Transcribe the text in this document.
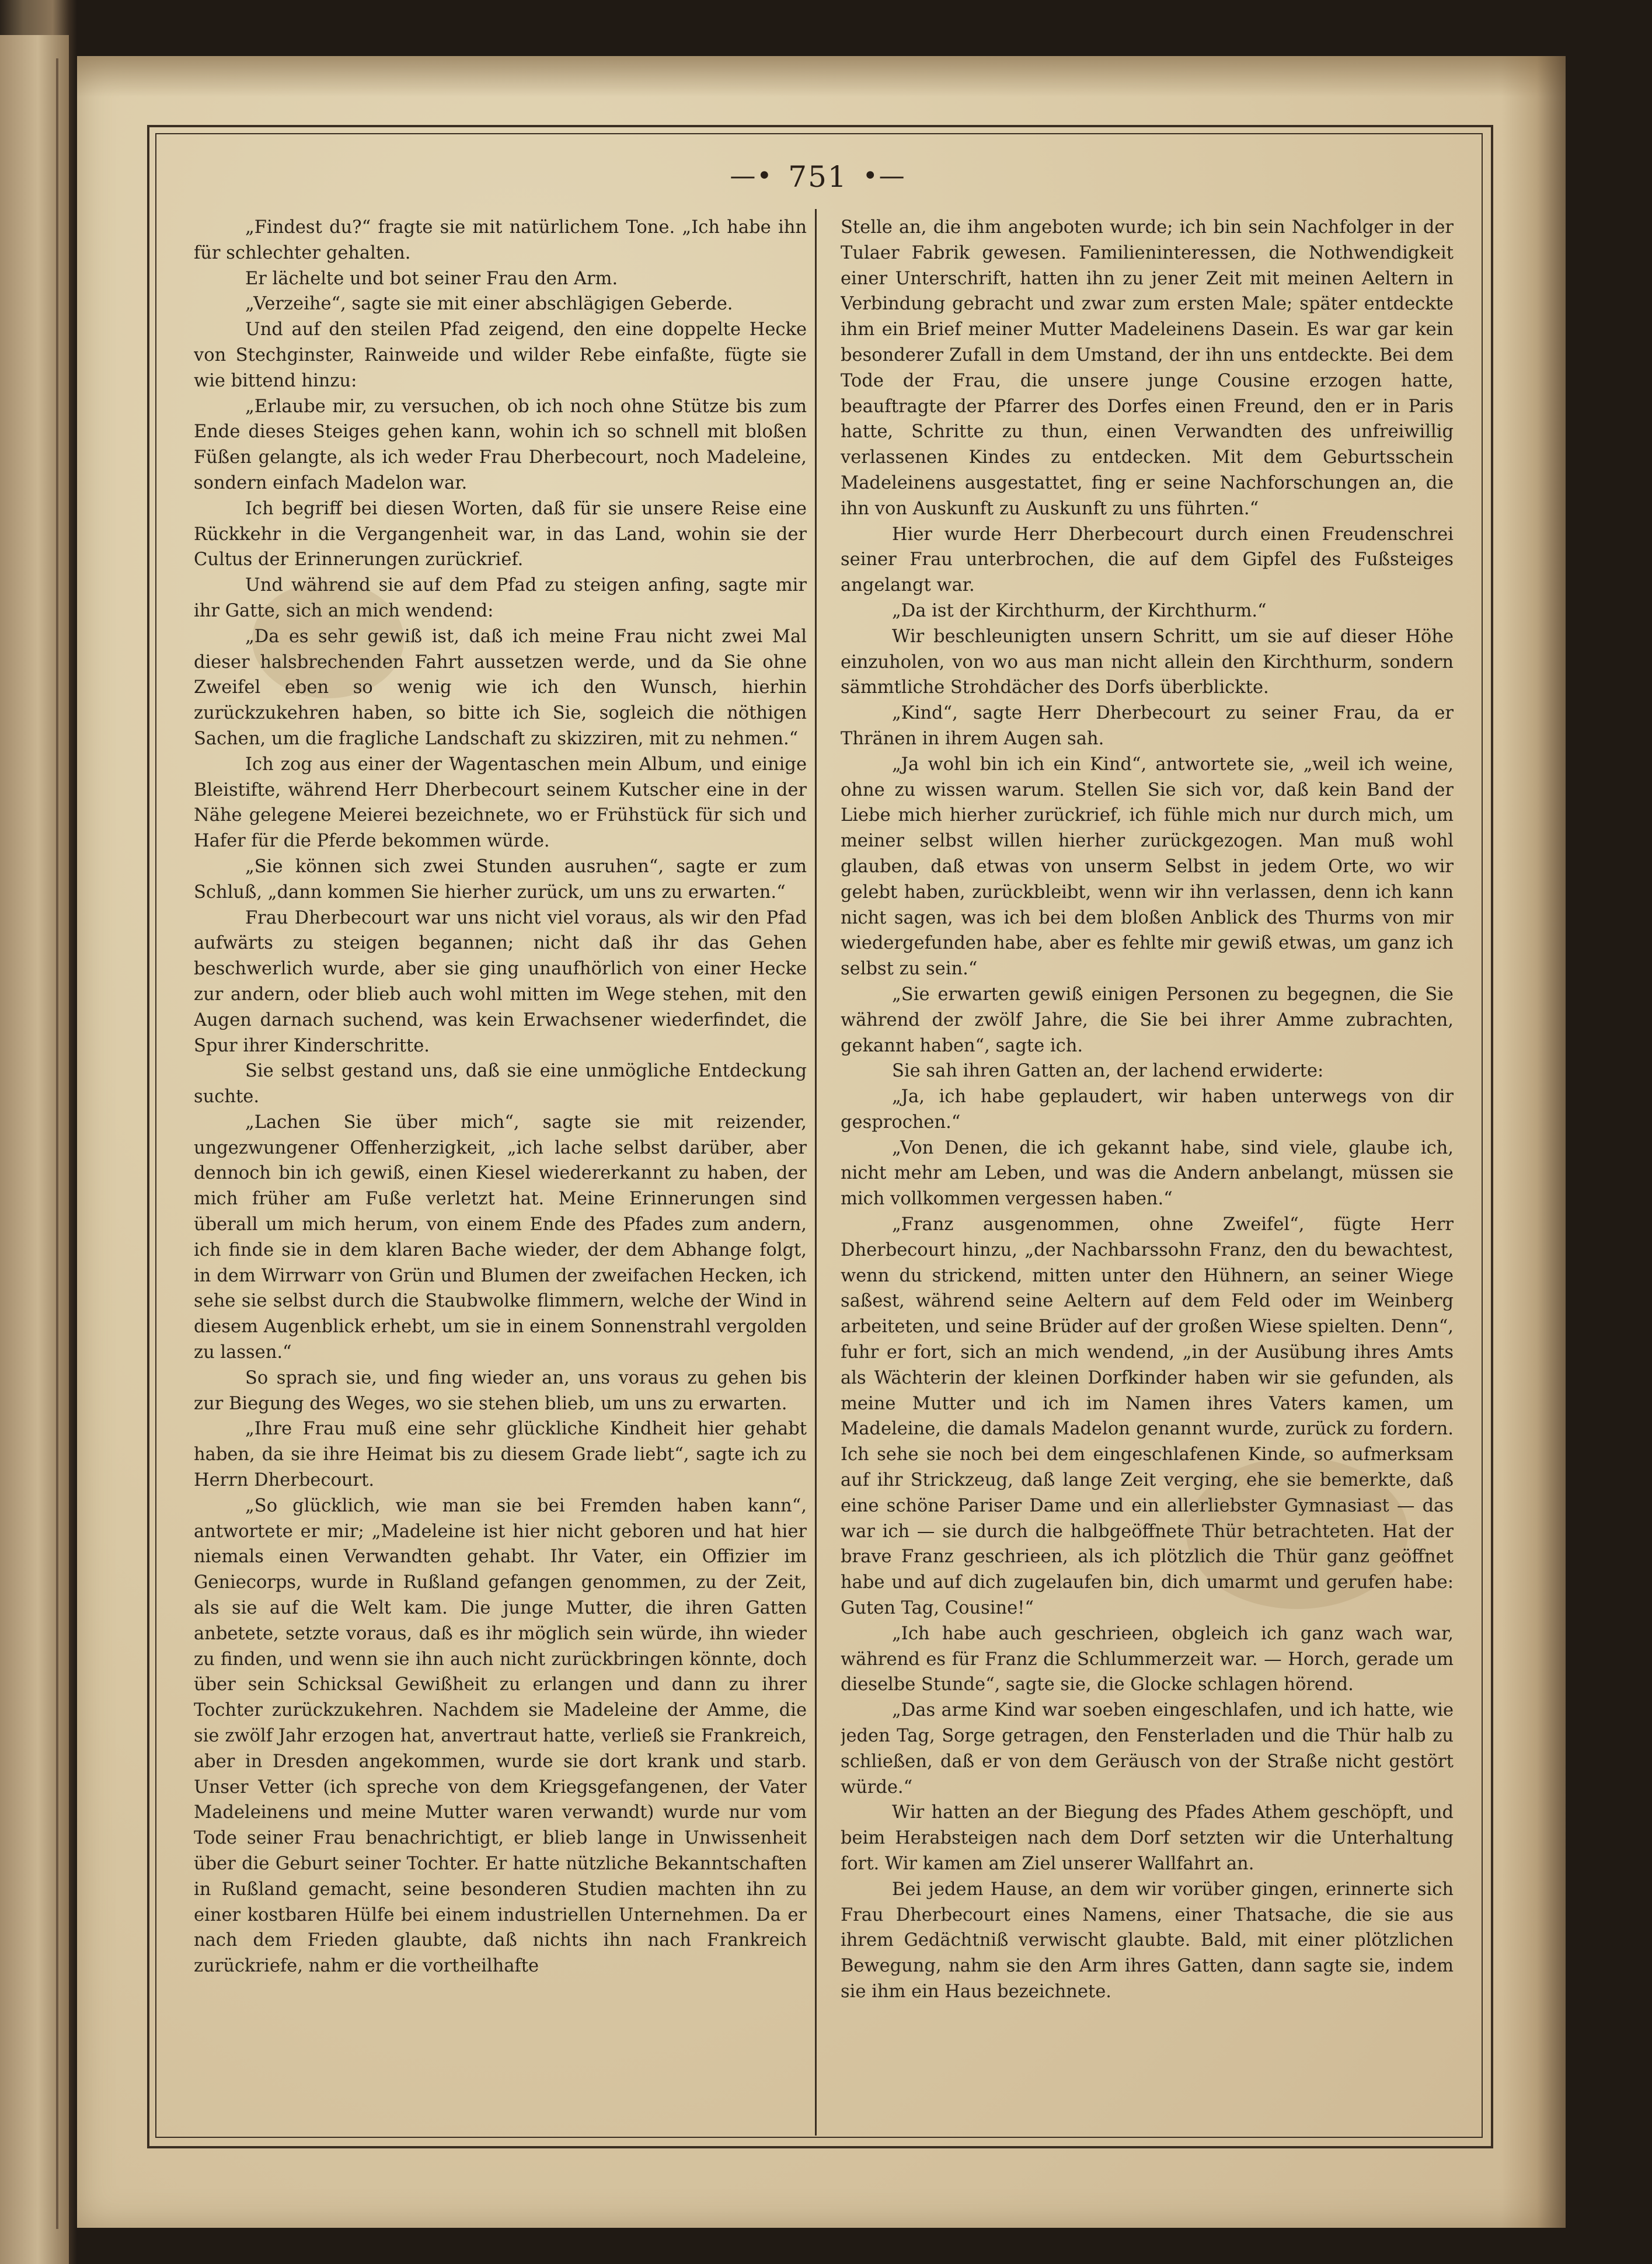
—• 751 •—

„Findest du?“ fragte sie mit natürlichem Tone. „Ich habe ihn für schlechter gehalten.

Er lächelte und bot seiner Frau den Arm.

„Verzeihe“, sagte sie mit einer abschlägigen Geberde.

Und auf den steilen Pfad zeigend, den eine doppelte Hecke von Stechginster, Rainweide und wilder Rebe einfaßte, fügte sie wie bittend hinzu:

„Erlaube mir, zu versuchen, ob ich noch ohne Stütze bis zum Ende dieses Steiges gehen kann, wohin ich so schnell mit bloßen Füßen gelangte, als ich weder Frau Dherbecourt, noch Madeleine, sondern einfach Madelon war.

Ich begriff bei diesen Worten, daß für sie unsere Reise eine Rückkehr in die Vergangenheit war, in das Land, wohin sie der Cultus der Erinnerungen zurückrief.

Und während sie auf dem Pfad zu steigen anfing, sagte mir ihr Gatte, sich an mich wendend:

„Da es sehr gewiß ist, daß ich meine Frau nicht zwei Mal dieser halsbrechenden Fahrt aussetzen werde, und da Sie ohne Zweifel eben so wenig wie ich den Wunsch, hierhin zurückzukehren haben, so bitte ich Sie, sogleich die nöthigen Sachen, um die fragliche Landschaft zu skizziren, mit zu nehmen.“

Ich zog aus einer der Wagentaschen mein Album, und einige Bleistifte, während Herr Dherbecourt seinem Kutscher eine in der Nähe gelegene Meierei bezeichnete, wo er Frühstück für sich und Hafer für die Pferde bekommen würde.

„Sie können sich zwei Stunden ausruhen“, sagte er zum Schluß, „dann kommen Sie hierher zurück, um uns zu erwarten.“

Frau Dherbecourt war uns nicht viel voraus, als wir den Pfad aufwärts zu steigen begannen; nicht daß ihr das Gehen beschwerlich wurde, aber sie ging unaufhörlich von einer Hecke zur andern, oder blieb auch wohl mitten im Wege stehen, mit den Augen darnach suchend, was kein Erwachsener wiederfindet, die Spur ihrer Kinderschritte.

Sie selbst gestand uns, daß sie eine unmögliche Entdeckung suchte.

„Lachen Sie über mich“, sagte sie mit reizender, ungezwungener Offenherzigkeit, „ich lache selbst darüber, aber dennoch bin ich gewiß, einen Kiesel wiedererkannt zu haben, der mich früher am Fuße verletzt hat. Meine Erinnerungen sind überall um mich herum, von einem Ende des Pfades zum andern, ich finde sie in dem klaren Bache wieder, der dem Abhange folgt, in dem Wirrwarr von Grün und Blumen der zweifachen Hecken, ich sehe sie selbst durch die Staubwolke flimmern, welche der Wind in diesem Augenblick erhebt, um sie in einem Sonnenstrahl vergolden zu lassen.“

So sprach sie, und fing wieder an, uns voraus zu gehen bis zur Biegung des Weges, wo sie stehen blieb, um uns zu erwarten.

„Ihre Frau muß eine sehr glückliche Kindheit hier gehabt haben, da sie ihre Heimat bis zu diesem Grade liebt“, sagte ich zu Herrn Dherbecourt.

„So glücklich, wie man sie bei Fremden haben kann“, antwortete er mir; „Madeleine ist hier nicht geboren und hat hier niemals einen Verwandten gehabt. Ihr Vater, ein Offizier im Geniecorps, wurde in Rußland gefangen genommen, zu der Zeit, als sie auf die Welt kam. Die junge Mutter, die ihren Gatten anbetete, setzte voraus, daß es ihr möglich sein würde, ihn wieder zu finden, und wenn sie ihn auch nicht zurückbringen könnte, doch über sein Schicksal Gewißheit zu erlangen und dann zu ihrer Tochter zurückzukehren. Nachdem sie Madeleine der Amme, die sie zwölf Jahr erzogen hat, anvertraut hatte, verließ sie Frankreich, aber in Dresden angekommen, wurde sie dort krank und starb. Unser Vetter (ich spreche von dem Kriegsgefangenen, der Vater Madeleinens und meine Mutter waren verwandt) wurde nur vom Tode seiner Frau benachrichtigt, er blieb lange in Unwissenheit über die Geburt seiner Tochter. Er hatte nützliche Bekanntschaften in Rußland gemacht, seine besonderen Studien machten ihn zu einer kostbaren Hülfe bei einem industriellen Unternehmen. Da er nach dem Frieden glaubte, daß nichts ihn nach Frankreich zurückriefe, nahm er die vortheilhafte

Stelle an, die ihm angeboten wurde; ich bin sein Nachfolger in der Tulaer Fabrik gewesen. Familieninteressen, die Nothwendigkeit einer Unterschrift, hatten ihn zu jener Zeit mit meinen Aeltern in Verbindung gebracht und zwar zum ersten Male; später entdeckte ihm ein Brief meiner Mutter Madeleinens Dasein. Es war gar kein besonderer Zufall in dem Umstand, der ihn uns entdeckte. Bei dem Tode der Frau, die unsere junge Cousine erzogen hatte, beauftragte der Pfarrer des Dorfes einen Freund, den er in Paris hatte, Schritte zu thun, einen Verwandten des unfreiwillig verlassenen Kindes zu entdecken. Mit dem Geburtsschein Madeleinens ausgestattet, fing er seine Nachforschungen an, die ihn von Auskunft zu Auskunft zu uns führten.“

Hier wurde Herr Dherbecourt durch einen Freudenschrei seiner Frau unterbrochen, die auf dem Gipfel des Fußsteiges angelangt war.

„Da ist der Kirchthurm, der Kirchthurm.“

Wir beschleunigten unsern Schritt, um sie auf dieser Höhe einzuholen, von wo aus man nicht allein den Kirchthurm, sondern sämmtliche Strohdächer des Dorfs überblickte.

„Kind“, sagte Herr Dherbecourt zu seiner Frau, da er Thränen in ihrem Augen sah.

„Ja wohl bin ich ein Kind“, antwortete sie, „weil ich weine, ohne zu wissen warum. Stellen Sie sich vor, daß kein Band der Liebe mich hierher zurückrief, ich fühle mich nur durch mich, um meiner selbst willen hierher zurückgezogen. Man muß wohl glauben, daß etwas von unserm Selbst in jedem Orte, wo wir gelebt haben, zurückbleibt, wenn wir ihn verlassen, denn ich kann nicht sagen, was ich bei dem bloßen Anblick des Thurms von mir wiedergefunden habe, aber es fehlte mir gewiß etwas, um ganz ich selbst zu sein.“

„Sie erwarten gewiß einigen Personen zu begegnen, die Sie während der zwölf Jahre, die Sie bei ihrer Amme zubrachten, gekannt haben“, sagte ich.

Sie sah ihren Gatten an, der lachend erwiderte:

„Ja, ich habe geplaudert, wir haben unterwegs von dir gesprochen.“

„Von Denen, die ich gekannt habe, sind viele, glaube ich, nicht mehr am Leben, und was die Andern anbelangt, müssen sie mich vollkommen vergessen haben.“

„Franz ausgenommen, ohne Zweifel“, fügte Herr Dherbecourt hinzu, „der Nachbarssohn Franz, den du bewachtest, wenn du strickend, mitten unter den Hühnern, an seiner Wiege saßest, während seine Aeltern auf dem Feld oder im Weinberg arbeiteten, und seine Brüder auf der großen Wiese spielten. Denn“, fuhr er fort, sich an mich wendend, „in der Ausübung ihres Amts als Wächterin der kleinen Dorfkinder haben wir sie gefunden, als meine Mutter und ich im Namen ihres Vaters kamen, um Madeleine, die damals Madelon genannt wurde, zurück zu fordern. Ich sehe sie noch bei dem eingeschlafenen Kinde, so aufmerksam auf ihr Strickzeug, daß lange Zeit verging, ehe sie bemerkte, daß eine schöne Pariser Dame und ein allerliebster Gymnasiast — das war ich — sie durch die halbgeöffnete Thür betrachteten. Hat der brave Franz geschrieen, als ich plötzlich die Thür ganz geöffnet habe und auf dich zugelaufen bin, dich umarmt und gerufen habe: Guten Tag, Cousine!“

„Ich habe auch geschrieen, obgleich ich ganz wach war, während es für Franz die Schlummerzeit war. — Horch, gerade um dieselbe Stunde“, sagte sie, die Glocke schlagen hörend.

„Das arme Kind war soeben eingeschlafen, und ich hatte, wie jeden Tag, Sorge getragen, den Fensterladen und die Thür halb zu schließen, daß er von dem Geräusch von der Straße nicht gestört würde.“

Wir hatten an der Biegung des Pfades Athem geschöpft, und beim Herabsteigen nach dem Dorf setzten wir die Unterhaltung fort. Wir kamen am Ziel unserer Wallfahrt an.

Bei jedem Hause, an dem wir vorüber gingen, erinnerte sich Frau Dherbecourt eines Namens, einer Thatsache, die sie aus ihrem Gedächtniß verwischt glaubte. Bald, mit einer plötzlichen Bewegung, nahm sie den Arm ihres Gatten, dann sagte sie, indem sie ihm ein Haus bezeichnete.
